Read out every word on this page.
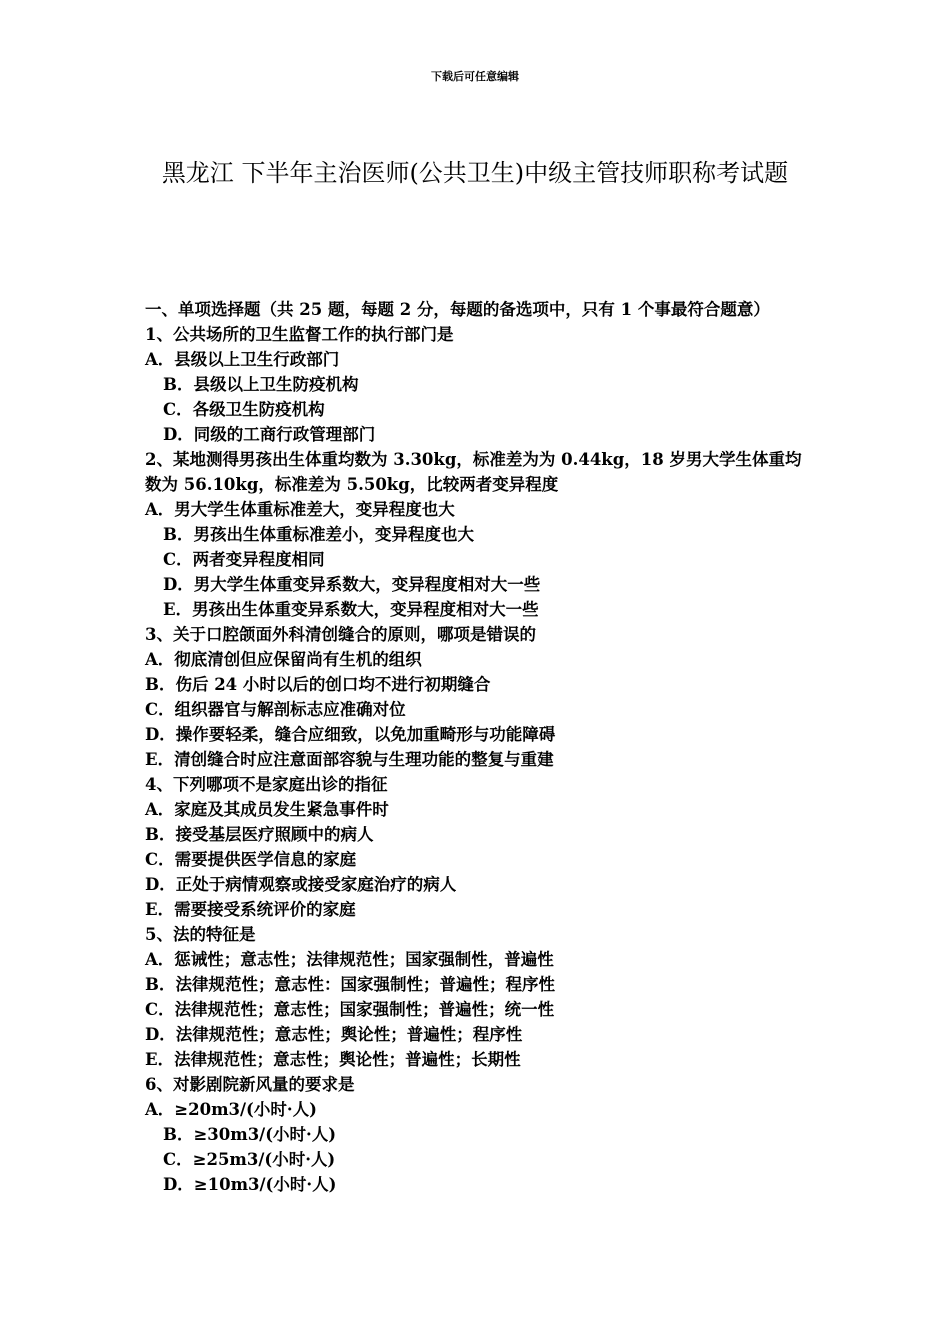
下载后可任意编辑
黑龙江 下半年主治医师(公共卫生)中级主管技师职称考试题
一、单项选择题（共 25 题，每题 2 分，每题的备选项中，只有 1 个事最符合题意）
1、公共场所的卫生监督工作的执行部门是
A．县级以上卫生行政部门
B．县级以上卫生防疫机构
C．各级卫生防疫机构
D．同级的工商行政管理部门
2、某地测得男孩出生体重均数为 3.30kg，标准差为为 0.44kg，18 岁男大学生体重均数为 56.10kg，标准差为 5.50kg，比较两者变异程度
A．男大学生体重标准差大，变异程度也大
B．男孩出生体重标准差小，变异程度也大
C．两者变异程度相同
D．男大学生体重变异系数大，变异程度相对大一些
E．男孩出生体重变异系数大，变异程度相对大一些
3、关于口腔颌面外科清创缝合的原则，哪项是错误的
A．彻底清创但应保留尚有生机的组织
B．伤后 24 小时以后的创口均不进行初期缝合
C．组织器官与解剖标志应准确对位
D．操作要轻柔，缝合应细致，以免加重畸形与功能障碍
E．清创缝合时应注意面部容貌与生理功能的整复与重建
4、下列哪项不是家庭出诊的指征
A．家庭及其成员发生紧急事件时
B．接受基层医疗照顾中的病人
C．需要提供医学信息的家庭
D．正处于病情观察或接受家庭治疗的病人
E．需要接受系统评价的家庭
5、法的特征是
A．惩诫性；意志性；法律规范性；国家强制性，普遍性
B．法律规范性；意志性：国家强制性；普遍性；程序性
C．法律规范性；意志性；国家强制性；普遍性；统一性
D．法律规范性；意志性；舆论性；普遍性；程序性
E．法律规范性；意志性；舆论性；普遍性；长期性
6、对影剧院新风量的要求是
A．≥20m3/(小时·人)
B．≥30m3/(小时·人)
C．≥25m3/(小时·人)
D．≥10m3/(小时·人)
